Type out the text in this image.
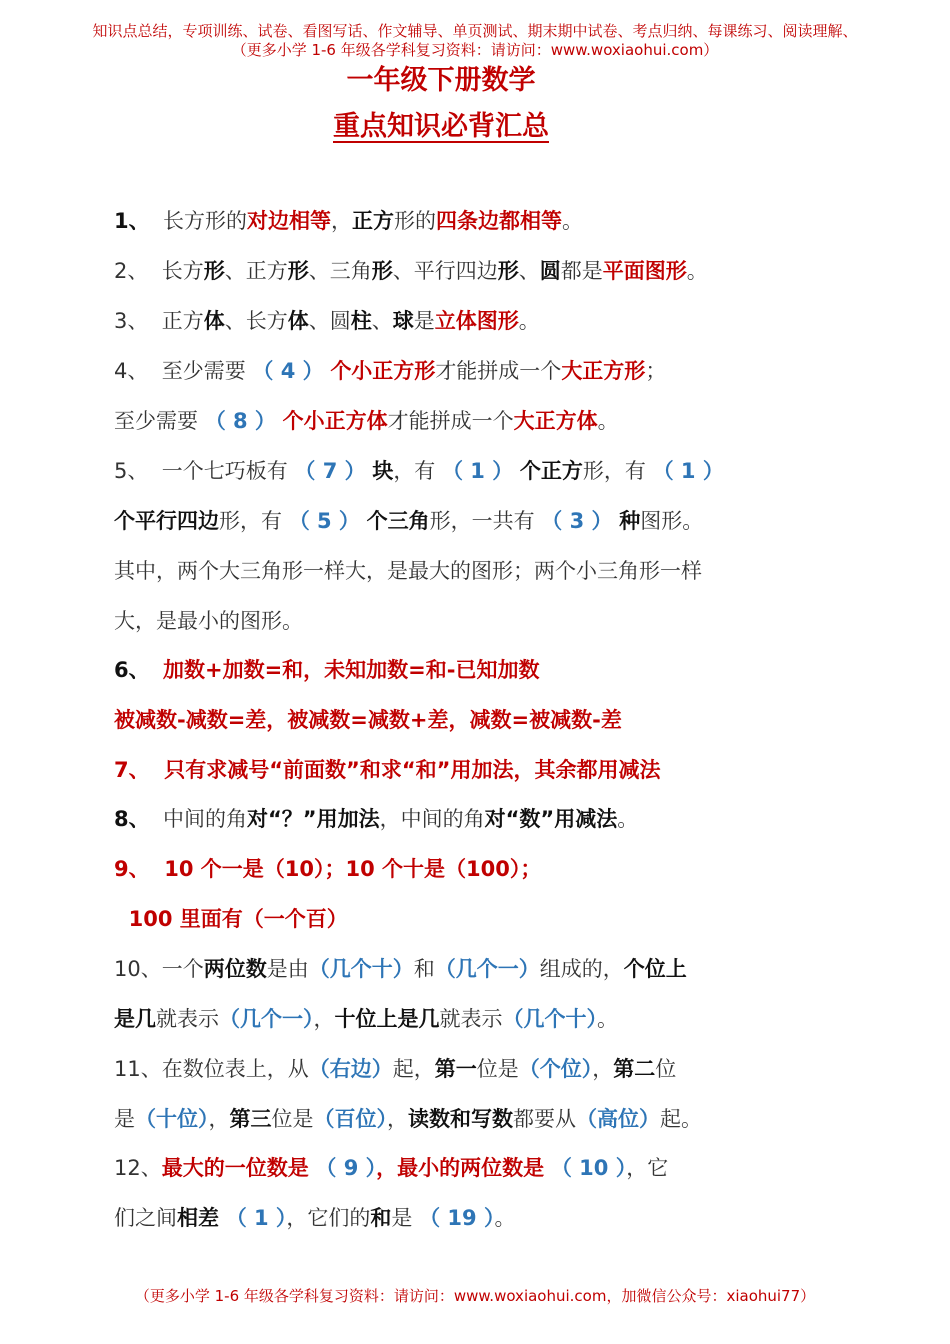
知识点总结，专项训练、试卷、看图写话、作文辅导、单页测试、期末期中试卷、考点归纳、每课练习、阅读理解、
（更多小学 1-6 年级各学科复习资料：请访问：www.woxiaohui.com）
一年级下册数学
重点知识必背汇总
1、  长方形的对边相等，正方形的四条边都相等。
2、  长方形、正方形、三角形、平行四边形、圆都是平面图形。
3、  正方体、长方体、圆柱、球是立体图形。
4、  至少需要 （ 4 ） 个小正方形才能拼成一个大正方形；
至少需要 （ 8 ） 个小正方体才能拼成一个大正方体。
5、  一个七巧板有 （ 7 ） 块，有 （ 1 ） 个正方形，有 （ 1 ）
个平行四边形，有 （ 5 ） 个三角形，一共有 （ 3 ） 种图形。
其中，两个大三角形一样大，是最大的图形；两个小三角形一样
大，是最小的图形。
6、 加数+加数=和，未知加数=和-已知加数
被减数-减数=差，被减数=减数+差，减数=被减数-差
7、  只有求减号“前面数”和求“和”用加法，其余都用减法
8、  中间的角对“？”用加法，中间的角对“数”用减法。
9、  10 个一是（10）；10 个十是（100）；
100 里面有（一个百）
10、一个两位数是由（几个十）和（几个一）组成的，个位上
是几就表示（几个一），十位上是几就表示（几个十）。
11、在数位表上，从（右边）起，第一位是（个位），第二位
是（十位），第三位是（百位），读数和写数都要从（高位）起。
12、最大的一位数是 （ 9 ），最小的两位数是 （ 10 ），它
们之间相差 （ 1 ），它们的和是 （ 19 ）。
（更多小学 1-6 年级各学科复习资料：请访问：www.woxiaohui.com，加微信公众号：xiaohui77）
